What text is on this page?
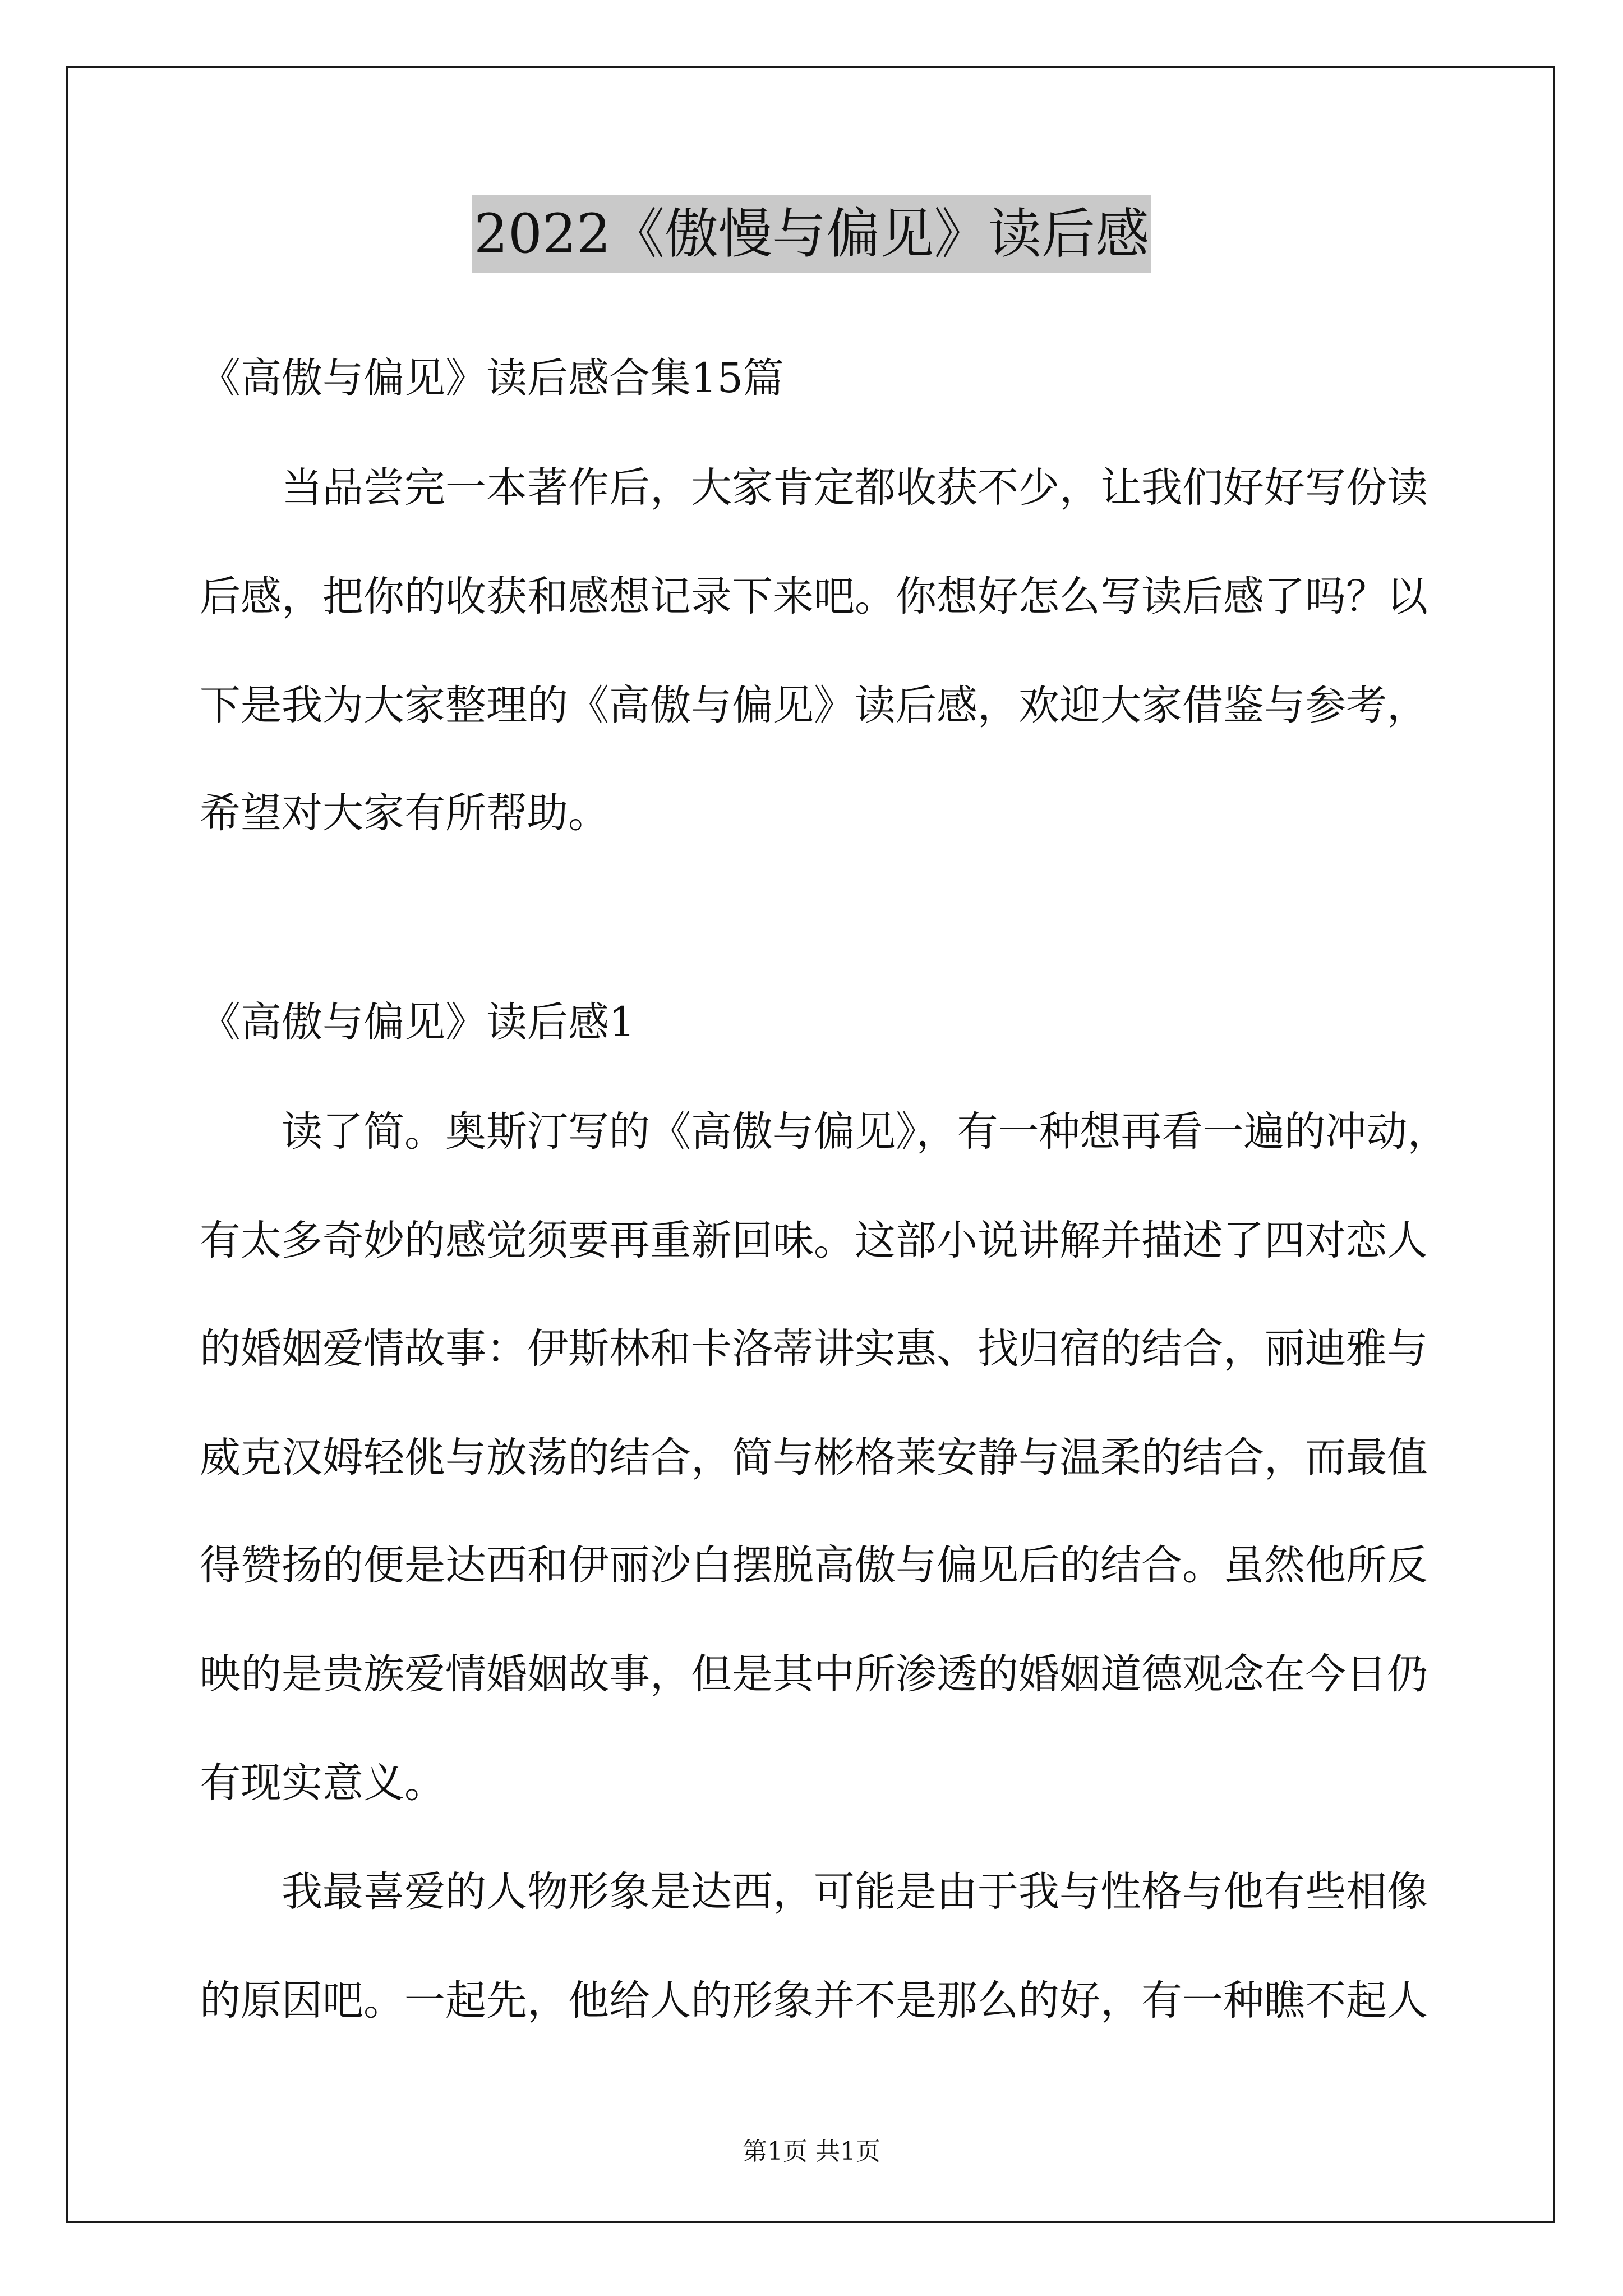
2022《傲慢与偏见》读后感
《高傲与偏见》读后感合集15篇
当品尝完一本著作后，大家肯定都收获不少，让我们好好写份读
后感，把你的收获和感想记录下来吧。你想好怎么写读后感了吗？以
下是我为大家整理的《高傲与偏见》读后感，欢迎大家借鉴与参考，
希望对大家有所帮助。
《高傲与偏见》读后感1
读了简。奥斯汀写的《高傲与偏见》，有一种想再看一遍的冲动，
有太多奇妙的感觉须要再重新回味。这部小说讲解并描述了四对恋人
的婚姻爱情故事：伊斯林和卡洛蒂讲实惠、找归宿的结合，丽迪雅与
威克汉姆轻佻与放荡的结合，简与彬格莱安静与温柔的结合，而最值
得赞扬的便是达西和伊丽沙白摆脱高傲与偏见后的结合。虽然他所反
映的是贵族爱情婚姻故事，但是其中所渗透的婚姻道德观念在今日仍
有现实意义。
我最喜爱的人物形象是达西，可能是由于我与性格与他有些相像
的原因吧。一起先，他给人的形象并不是那么的好，有一种瞧不起人
第1页 共1页
